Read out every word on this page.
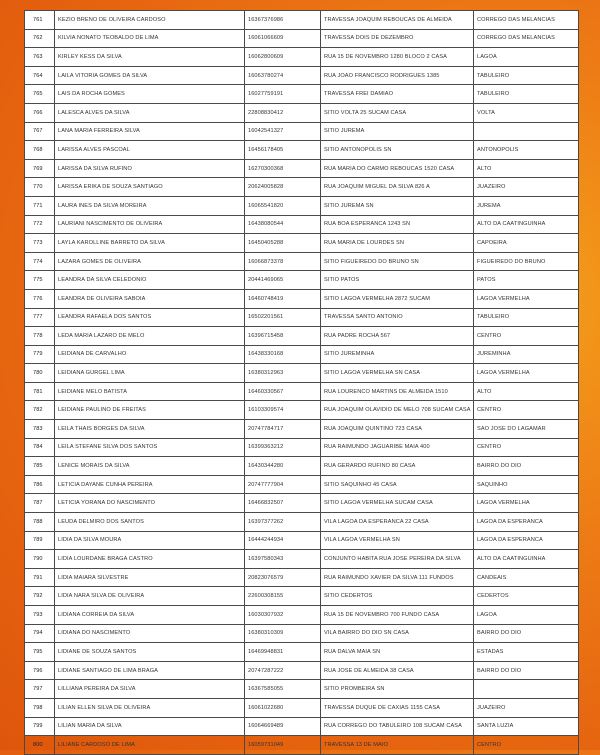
761	KEZIO BRENO DE OLIVEIRA CARDOSO	16367376986	TRAVESSA JOAQUIM REBOUCAS DE ALMEIDA	CORREGO DAS MELANCIAS
762	KILVIA NONATO TEOBALDO DE LIMA	16061066609	TRAVESSA DOIS DE DEZEMBRO	CORREGO DAS MELANCIAS
763	KIRLEY KESS DA SILVA	16062800609	RUA 15 DE NOVEMBRO 1280 BLOCO 2 CASA	LAGOA
764	LAILA VITORIA GOMES DA SILVA	16063780274	RUA JOAO FRANCISCO RODRIGUES 1385	TABULEIRO
765	LAIS DA ROCHA GOMES	16027759191	TRAVESSA FREI DAMIAO	TABULEIRO
766	LALESCA ALVES DA SILVA	22808830412	SITIO VOLTA 25 SUCAM CASA	VOLTA
767	LANA MARIA FERREIRA SILVA	16042541327	SITIO JUREMA	
768	LARISSA ALVES PASCOAL	16456178405	SITIO ANTONOPOLIS SN	ANTONOPOLIS
769	LARISSA DA SILVA RUFINO	16270300368	RUA MARIA DO CARMO REBOUCAS 1520 CASA	ALTO
770	LARISSA ERIKA DE SOUZA SANTIAGO	20624005828	RUA JOAQUIM MIGUEL DA SILVA 826 A	JUAZEIRO
771	LAURA INES DA SILVA MOREIRA	16065541820	SITIO JUREMA SN	JUREMA
772	LAURIANI NASCIMENTO DE OLIVEIRA	16438080544	RUA BOA ESPERANCA 1243 SN	ALTO DA CAATINGUINHA
773	LAYLA KAROLLINE BARRETO DA SILVA	16450405288	RUA MARIA DE LOURDES SN	CAPOEIRA
774	LAZARA GOMES DE OLIVEIRA	16066873378	SITIO FIGUEIREDO DO BRUNO SN	FIGUEIREDO DO BRUNO
775	LEANDRA DA SILVA CELEDONIO	20441469065	SITIO PATOS	PATOS
776	LEANDRA DE OLIVEIRA SABOIA	16460748419	SITIO LAGOA VERMELHA 2872 SUCAM	LAGOA VERMELHA
777	LEANDRA RAFAELA DOS SANTOS	16502201561	TRAVESSA SANTO ANTONIO	TABULEIRO
778	LEDA MARIA LAZARO DE MELO	16396715458	RUA PADRE ROCHA 567	CENTRO
779	LEIDIANA DE CARVALHO	16438330168	SITIO JUREMINHA	JUREMINHA
780	LEIDIANA GURGEL LIMA	16380312963	SITIO LAGOA VERMELHA SN CASA	LAGOA VERMELHA
781	LEIDIANE MELO BATISTA	16460330567	RUA LOURENCO MARTINS DE ALMEIDA 1510	ALTO
782	LEIDIANE PAULINO DE FREITAS	16103309574	RUA JOAQUIM OLAVIDIO DE MELO 708 SUCAM CASA	CENTRO
783	LEILA THAIS BORGES DA SILVA	20747784717	RUA JOAQUIM QUINTINO 723 CASA	SAO JOSE DO LAGAMAR
784	LEILA STEFANE SILVA DOS SANTOS	16399363212	RUA RAIMUNDO JAGUARIBE MAIA 400	CENTRO
785	LENICE MORAIS DA SILVA	16430344280	RUA GERARDO RUFINO 80 CASA	BAIRRO DO DIO
786	LETICIA DAYANE CUNHA PEREIRA	20747777904	SITIO SAQUINHO 45 CASA	SAQUINHO
787	LETICIA YORANA DO NASCIMENTO	16466832507	SITIO LAGOA VERMELHA SUCAM CASA	LAGOA VERMELHA
788	LEUDA DELMIRO DOS SANTOS	16397377262	VILA LAGOA DA ESPERANCA 22 CASA	LAGOA DA ESPERANCA
789	LIDIA DA SILVA MOURA	16444244934	VILA LAGOA VERMELHA SN	LAGOA DA ESPERANCA
790	LIDIA LOURDANE BRAGA CASTRO	16397580343	CONJUNTO HABITA RUA JOSE PEREIRA DA SILVA	ALTO DA CAATINGUINHA
791	LIDIA MAIARA SILVESTRE	20823076579	RUA RAIMUNDO XAVIER DA SILVA 111 FUNDOS	CANDEAIS
792	LIDIA NARA SILVA DE OLIVEIRA	22600308155	SITIO CEDERTOS	CEDERTOS
793	LIDIANA CORREIA DA SILVA	16030307932	RUA 15 DE NOVEMBRO 700 FUNDO CASA	LAGOA
794	LIDIANA DO NASCIMENTO	16380310309	VILA BAIRRO DO DIO SN CASA	BAIRRO DO DIO
795	LIDIANE DE SOUZA SANTOS	16469948831	RUA DALVA MAIA SN	ESTADAS
796	LIDIANE SANTIAGO DE LIMA BRAGA	20747287222	RUA JOSE DE ALMEIDA 38 CASA	BAIRRO DO DIO
797	LILLIANA PEREIRA DA SILVA	16367585055	SITIO PROMBEIRA SN	
798	LILIAN ELLEN SILVA DE OLIVEIRA	16061022680	TRAVESSA DUQUE DE CAXIAS 1155 CASA	JUAZEIRO
799	LILIAN MARIA DA SILVA	16064669489	RUA CORREGO DO TABULEIRO 108 SUCAM CASA	SANTA LUZIA
800	LILIANE CARDOSO DE LIMA	16059731049	TRAVESSA 13 DE MAIO	CENTRO
